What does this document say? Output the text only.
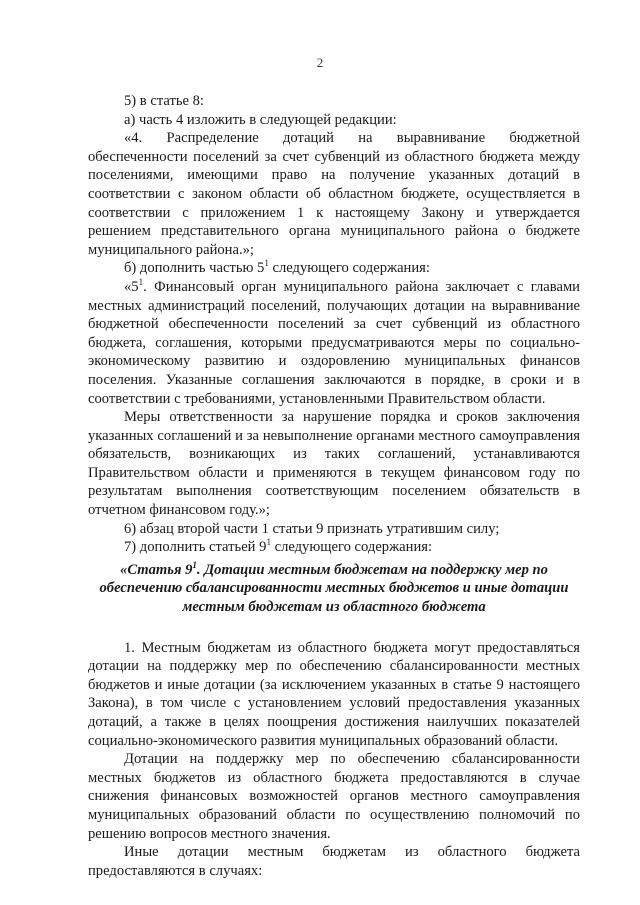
2

5) в статье 8:

а) часть 4 изложить в следующей редакции:

«4. Распределение дотаций на выравнивание бюджетной обеспеченности поселений за счет субвенций из областного бюджета между поселениями, имеющими право на получение указанных дотаций в соответствии с законом области об областном бюджете, осуществляется в соответствии с приложением 1 к настоящему Закону и утверждается решением представительного органа муниципального района о бюджете муниципального района.»;

б) дополнить частью $5^1$ следующего содержания:

«$5^1$. Финансовый орган муниципального района заключает с главами местных администраций поселений, получающих дотации на выравнивание бюджетной обеспеченности поселений за счет субвенций из областного бюджета, соглашения, которыми предусматриваются меры по социально-экономическому развитию и оздоровлению муниципальных финансов поселения. Указанные соглашения заключаются в порядке, в сроки и в соответствии с требованиями, установленными Правительством области.

Меры ответственности за нарушение порядка и сроков заключения указанных соглашений и за невыполнение органами местного самоуправления обязательств, возникающих из таких соглашений, устанавливаются Правительством области и применяются в текущем финансовом году по результатам выполнения соответствующим поселением обязательств в отчетном финансовом году.»;

6) абзац второй части 1 статьи 9 признать утратившим силу;

7) дополнить статьей $9^1$ следующего содержания:

«Статья $9^1$. Дотации местным бюджетам на поддержку мер по обеспечению сбалансированности местных бюджетов и иные дотации местным бюджетам из областного бюджета

1. Местным бюджетам из областного бюджета могут предоставляться дотации на поддержку мер по обеспечению сбалансированности местных бюджетов и иные дотации (за исключением указанных в статье 9 настоящего Закона), в том числе с установлением условий предоставления указанных дотаций, а также в целях поощрения достижения наилучших показателей социально-экономического развития муниципальных образований области.

Дотации на поддержку мер по обеспечению сбалансированности местных бюджетов из областного бюджета предоставляются в случае снижения финансовых возможностей органов местного самоуправления муниципальных образований области по осуществлению полномочий по решению вопросов местного значения.

Иные дотации местным бюджетам из областного бюджета предоставляются в случаях:
